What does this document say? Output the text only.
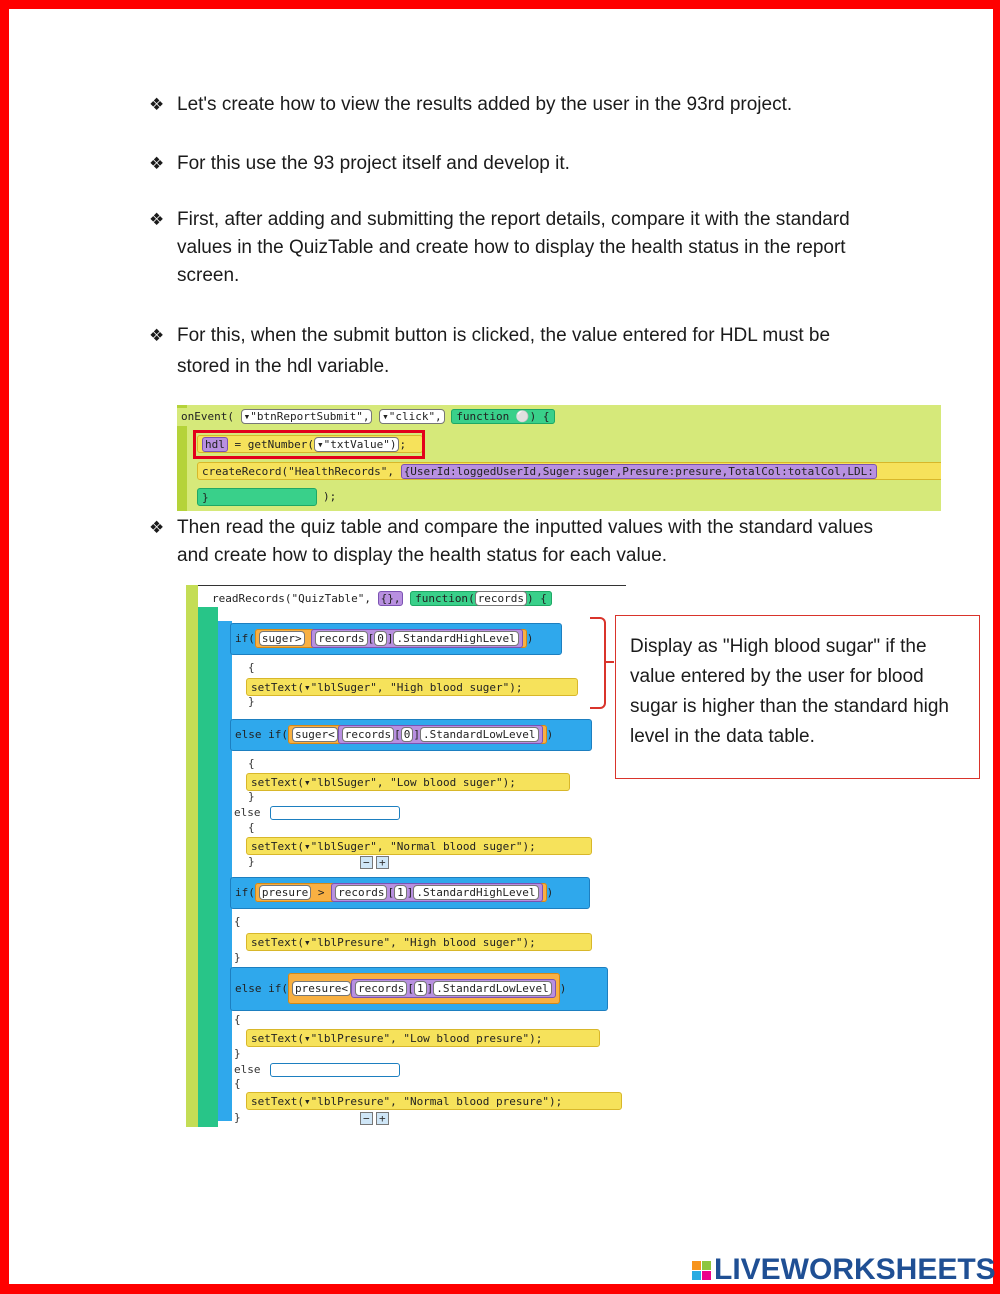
❖ Let's create how to view the results added by the user in the 93rd project.
❖ For this use the 93 project itself and develop it.
❖ First, after adding and submitting the report details, compare it with the standard values in the QuizTable and create how to display the health status in the report screen.
❖ For this, when the submit button is clicked, the value entered for HDL must be stored in the hdl variable.
onEvent( ▾"btnReportSubmit", ▾"click", function ⚪) {
hdl = getNumber( ▾"txtValue") ;
createRecord("HealthRecords", {UserId:loggedUserId,Suger:suger,Presure:presure,TotalCol:totalCol,LDL:
}	);
❖ Then read the quiz table and compare the inputted values with the standard values and create how to display the health status for each value.
readRecords("QuizTable", {}, function( records ) {
if( suger> records [ 0 ] .StandardHighLevel )
{
setText(▾"lblSuger", "High blood suger");
}
else if( suger< records [ 0 ] .StandardLowLevel )
{
setText(▾"lblSuger", "Low blood suger");
}
else
{
setText(▾"lblSuger", "Normal blood suger");
}	− +
if( presure > records [ 1 ] .StandardHighLevel )
{
setText(▾"lblPresure", "High blood suger");
}
else if( presure< records [ 1 ] .StandardLowLevel )
{
setText(▾"lblPresure", "Low blood presure");
}
else
{
setText(▾"lblPresure", "Normal blood presure");
}	− +
Display as "High blood sugar" if the value entered by the user for blood sugar is higher than the standard high level in the data table.
LIVEWORKSHEETS
